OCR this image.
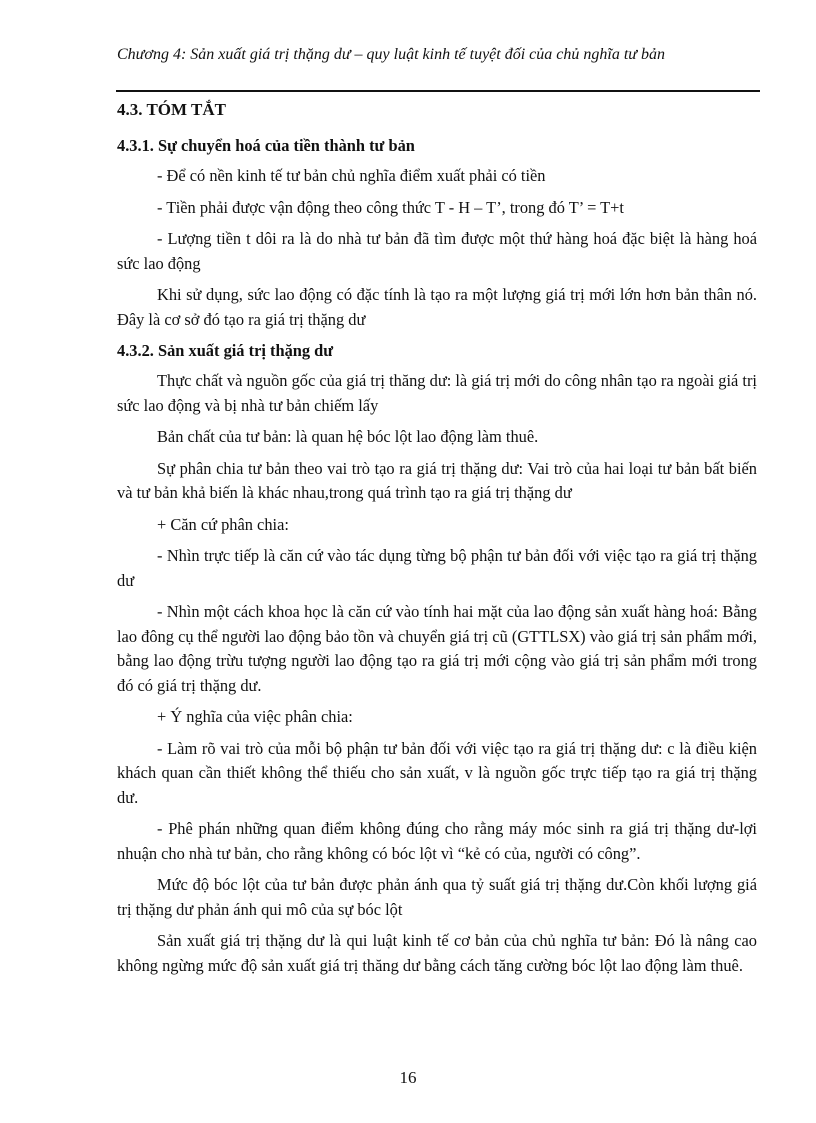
Chương 4: Sản xuất giá trị thặng dư – quy luật kinh tế tuyệt đối của chủ nghĩa tư bản
4.3. TÓM TẮT
4.3.1. Sự chuyển hoá của tiền thành tư bản

- Để có nền kinh tế tư bản chủ nghĩa điểm xuất phải có tiền

- Tiền phải được vận động theo công thức T - H – T’, trong đó T’ = T+t

- Lượng tiền t dôi ra là do nhà tư bản đã tìm được một thứ hàng hoá đặc biệt là hàng hoá sức lao động

Khi sử dụng, sức lao động có đặc tính là tạo ra một lượng giá trị mới lớn hơn bản thân nó. Đây là cơ sở đó tạo ra giá trị thặng dư

4.3.2. Sản xuất giá trị thặng dư

Thực chất và nguồn gốc của giá trị thăng dư: là giá trị mới do công nhân tạo ra ngoài giá trị sức lao động và bị nhà tư bản chiếm lấy

Bản chất của tư bản: là quan hệ bóc lột lao động làm thuê.

Sự phân chia tư bản theo vai trò tạo ra giá trị thặng dư: Vai trò của hai loại tư bản bất biến và tư bản khả biến là khác nhau,trong quá trình tạo ra giá trị thặng dư

+ Căn cứ phân chia:

- Nhìn trực tiếp là căn cứ vào tác dụng từng bộ phận tư bản đối với việc tạo ra giá trị thặng dư

- Nhìn một cách khoa học là căn cứ vào tính hai mặt của lao động sản xuất hàng hoá: Bằng lao đông cụ thể người lao động bảo tồn và chuyển giá trị cũ (GTTLSX) vào giá trị sản phẩm mới, bằng lao động trừu tượng người lao động tạo ra giá trị mới cộng vào giá trị sản phẩm mới trong đó có giá trị thặng dư.

+ Ý nghĩa của việc phân chia:

- Làm rõ vai trò của mỗi bộ phận tư bản đối với việc tạo ra giá trị thặng dư: c là điều kiện khách quan cần thiết không thể thiếu cho sản xuất, v là nguồn gốc trực tiếp tạo ra giá trị thặng dư.

- Phê phán những quan điểm không đúng cho rằng máy móc sinh ra giá trị thặng dư-lợi nhuận cho nhà tư bản, cho rằng không có bóc lột vì “kẻ có của, người có công”.

Mức độ bóc lột của tư bản được phản ánh qua tỷ suất giá trị thặng dư.Còn khối lượng giá trị thặng dư phản ánh qui mô của sự bóc lột

Sản xuất giá trị thặng dư là qui luật kinh tế cơ bản của chủ nghĩa tư bản: Đó là nâng cao không ngừng mức độ sản xuất giá trị thăng dư bằng cách tăng cường bóc lột lao động làm thuê.

16
